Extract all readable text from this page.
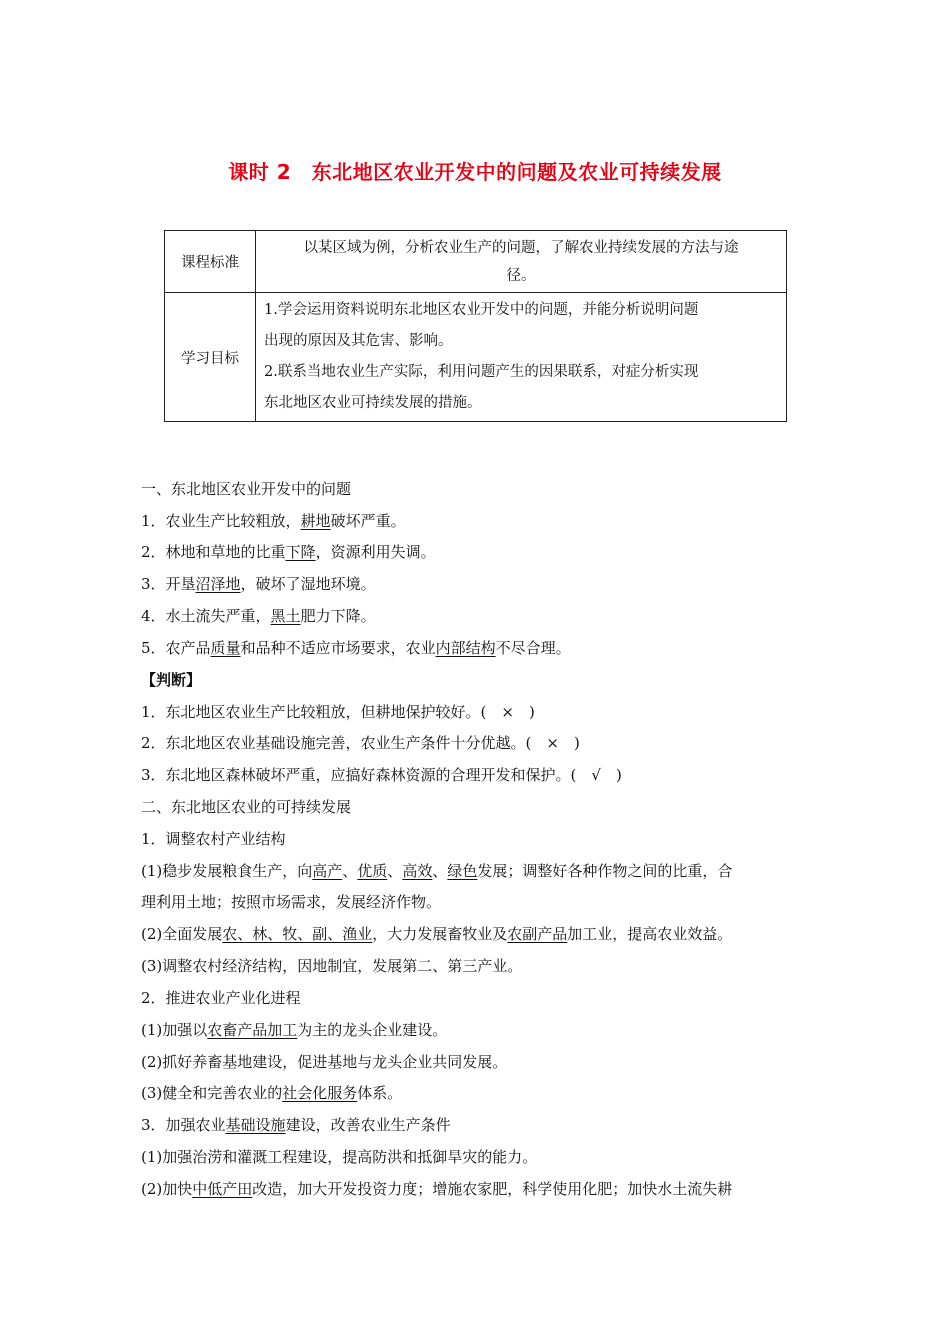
课时 2　东北地区农业开发中的问题及农业可持续发展
课程标准	以某区域为例，分析农业生产的问题，了解农业持续发展的方法与途
径。

学习目标	1.学会运用资料说明东北地区农业开发中的问题，并能分析说明问题
出现的原因及其危害、影响。
2.联系当地农业生产实际，利用问题产生的因果联系，对症分析实现
东北地区农业可持续发展的措施。
一、东北地区农业开发中的问题
1．农业生产比较粗放，耕地破坏严重。
2．林地和草地的比重下降，资源利用失调。
3．开垦沼泽地，破坏了湿地环境。
4．水土流失严重，黑土肥力下降。
5．农产品质量和品种不适应市场要求，农业内部结构不尽合理。
【判断】
1．东北地区农业生产比较粗放，但耕地保护较好。(　×　)
2．东北地区农业基础设施完善，农业生产条件十分优越。(　×　)
3．东北地区森林破坏严重，应搞好森林资源的合理开发和保护。(　√　)
二、东北地区农业的可持续发展
1．调整农村产业结构
(1)稳步发展粮食生产，向高产、优质、高效、绿色发展；调整好各种作物之间的比重，合
理利用土地；按照市场需求，发展经济作物。
(2)全面发展农、林、牧、副、渔业，大力发展畜牧业及农副产品加工业，提高农业效益。
(3)调整农村经济结构，因地制宜，发展第二、第三产业。
2．推进农业产业化进程
(1)加强以农畜产品加工为主的龙头企业建设。
(2)抓好养畜基地建设，促进基地与龙头企业共同发展。
(3)健全和完善农业的社会化服务体系。
3．加强农业基础设施建设，改善农业生产条件
(1)加强治涝和灌溉工程建设，提高防洪和抵御旱灾的能力。
(2)加快中低产田改造，加大开发投资力度；增施农家肥，科学使用化肥；加快水土流失耕
